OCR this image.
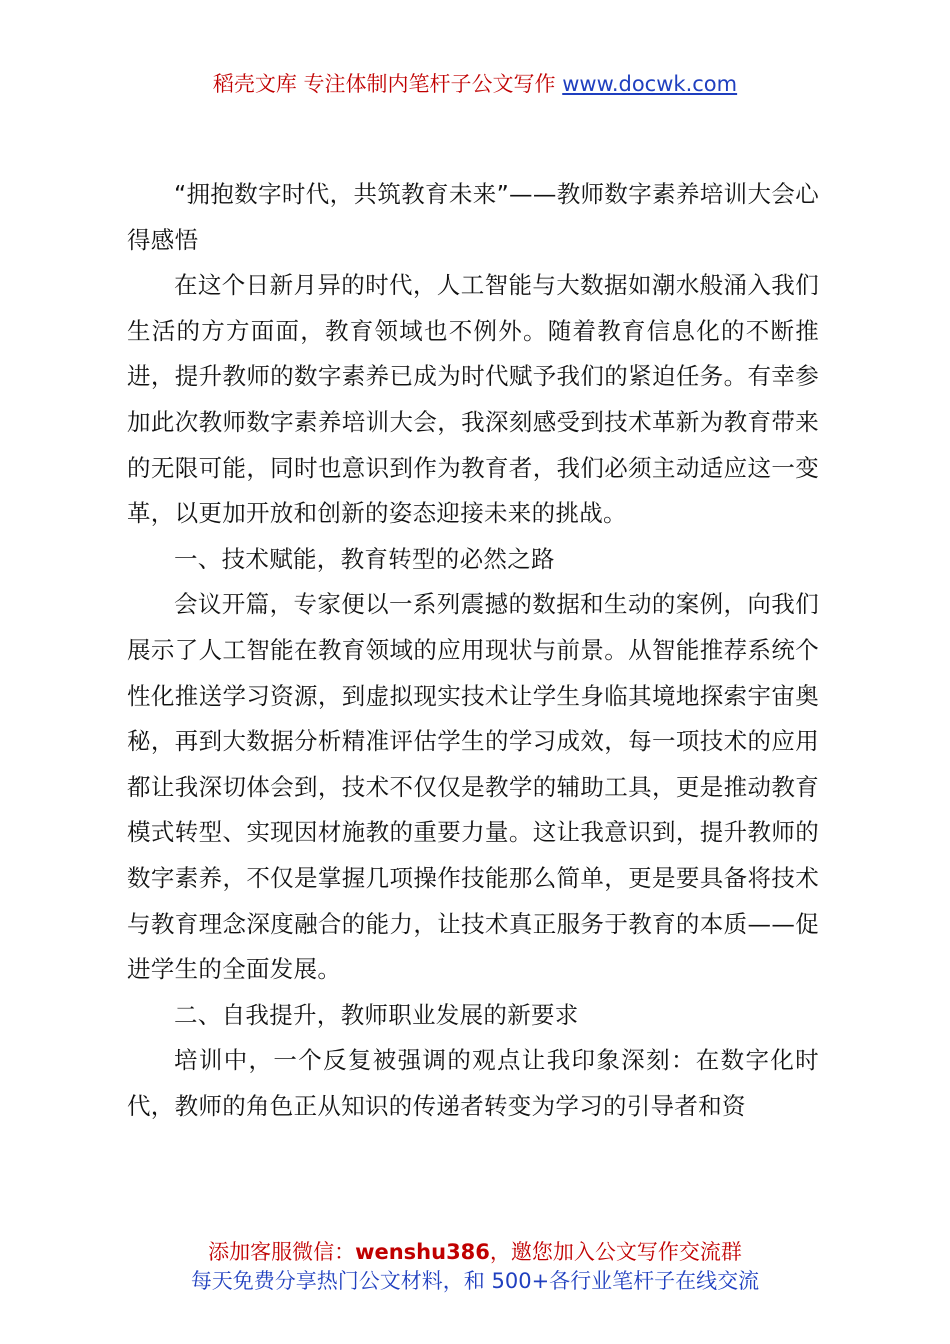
稻壳文库 专注体制内笔杆子公文写作 www.docwk.com

“拥抱数字时代，共筑教育未来”——教师数字素养培训大会心得感悟

在这个日新月异的时代，人工智能与大数据如潮水般涌入我们生活的方方面面，教育领域也不例外。随着教育信息化的不断推进，提升教师的数字素养已成为时代赋予我们的紧迫任务。有幸参加此次教师数字素养培训大会，我深刻感受到技术革新为教育带来的无限可能，同时也意识到作为教育者，我们必须主动适应这一变革，以更加开放和创新的姿态迎接未来的挑战。

一、技术赋能，教育转型的必然之路

会议开篇，专家便以一系列震撼的数据和生动的案例，向我们展示了人工智能在教育领域的应用现状与前景。从智能推荐系统个性化推送学习资源，到虚拟现实技术让学生身临其境地探索宇宙奥秘，再到大数据分析精准评估学生的学习成效，每一项技术的应用都让我深切体会到，技术不仅仅是教学的辅助工具，更是推动教育模式转型、实现因材施教的重要力量。这让我意识到，提升教师的数字素养，不仅是掌握几项操作技能那么简单，更是要具备将技术与教育理念深度融合的能力，让技术真正服务于教育的本质——促进学生的全面发展。

二、自我提升，教师职业发展的新要求

培训中，一个反复被强调的观点让我印象深刻：在数字化时代，教师的角色正从知识的传递者转变为学习的引导者和资

添加客服微信：wenshu386，邀您加入公文写作交流群
每天免费分享热门公文材料，和 500+各行业笔杆子在线交流
